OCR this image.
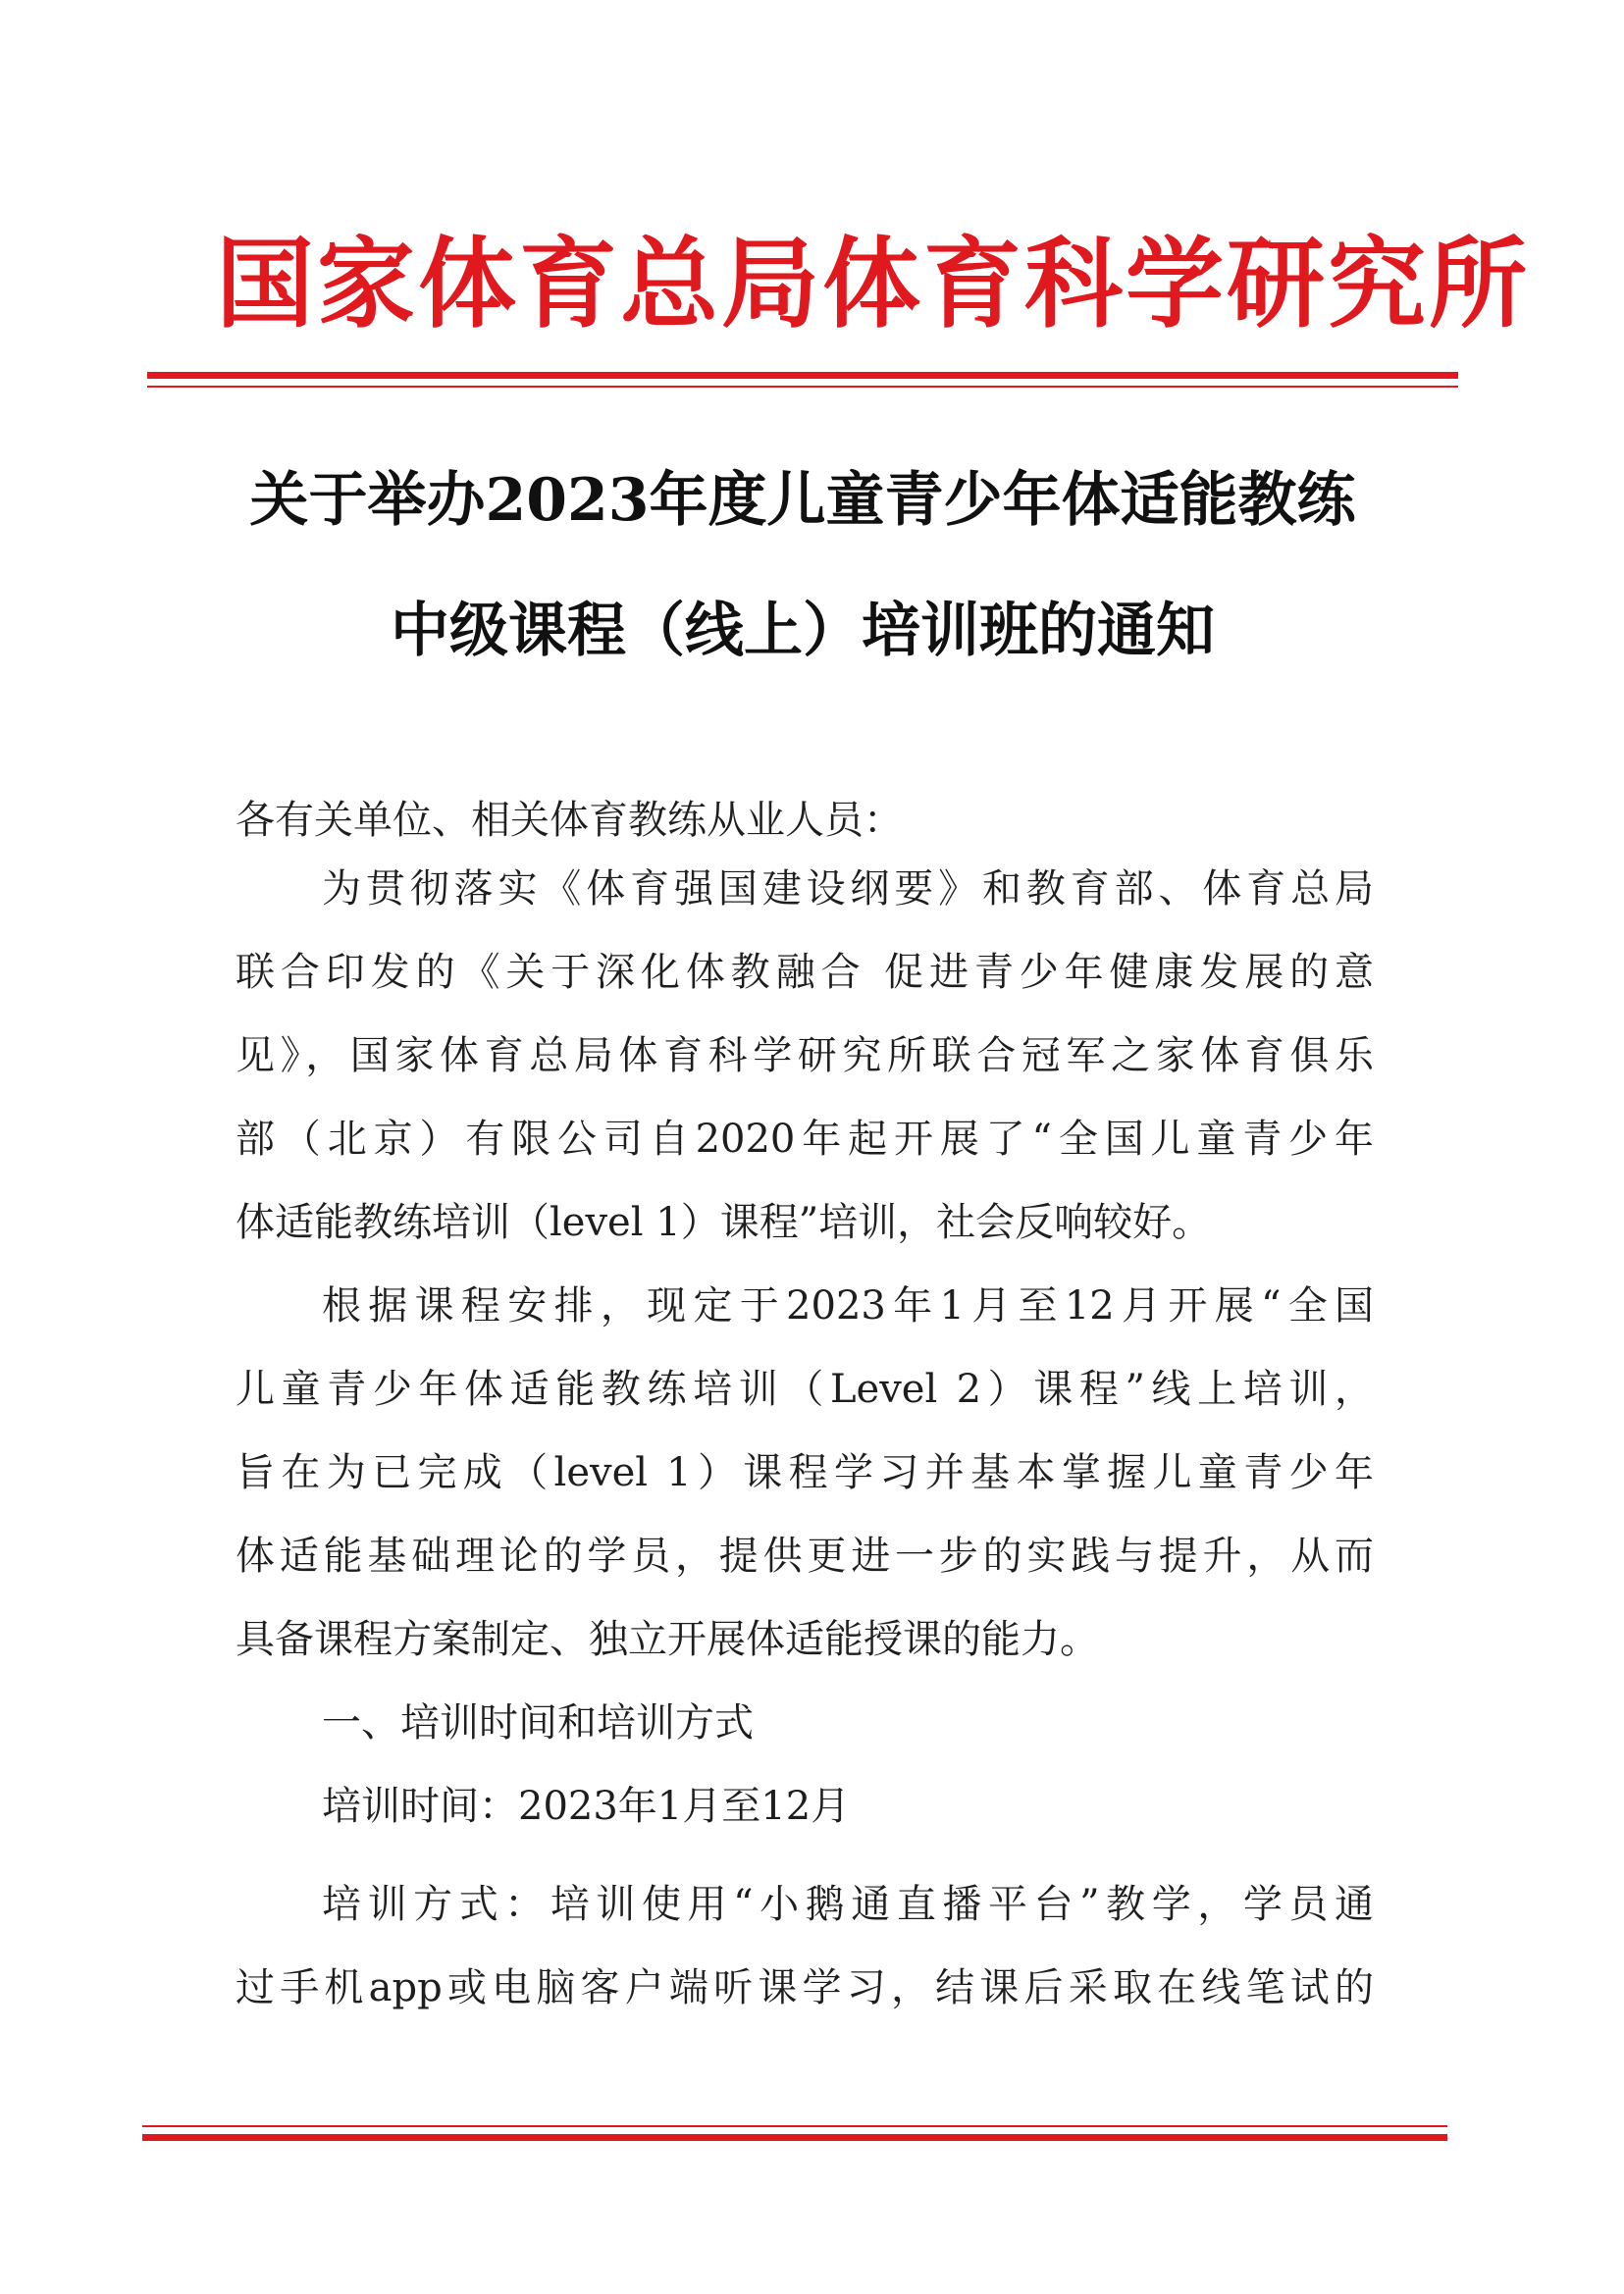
国家体育总局体育科学研究所
关于举办2023年度儿童青少年体适能教练
中级课程（线上）培训班的通知
各有关单位、相关体育教练从业人员：
为贯彻落实《体育强国建设纲要》和教育部、体育总局
联合印发的《关于深化体教融合 促进青少年健康发展的意
见》，国家体育总局体育科学研究所联合冠军之家体育俱乐
部（北京）有限公司自2020年起开展了“全国儿童青少年
体适能教练培训（level 1）课程”培训，社会反响较好。
根据课程安排，现定于2023年1月至12月开展“全国
儿童青少年体适能教练培训（Level 2）课程”线上培训，
旨在为已完成（level 1）课程学习并基本掌握儿童青少年
体适能基础理论的学员，提供更进一步的实践与提升，从而
具备课程方案制定、独立开展体适能授课的能力。
一、培训时间和培训方式
培训时间：2023年1月至12月
培训方式：培训使用“小鹅通直播平台”教学，学员通
过手机app或电脑客户端听课学习，结课后采取在线笔试的
